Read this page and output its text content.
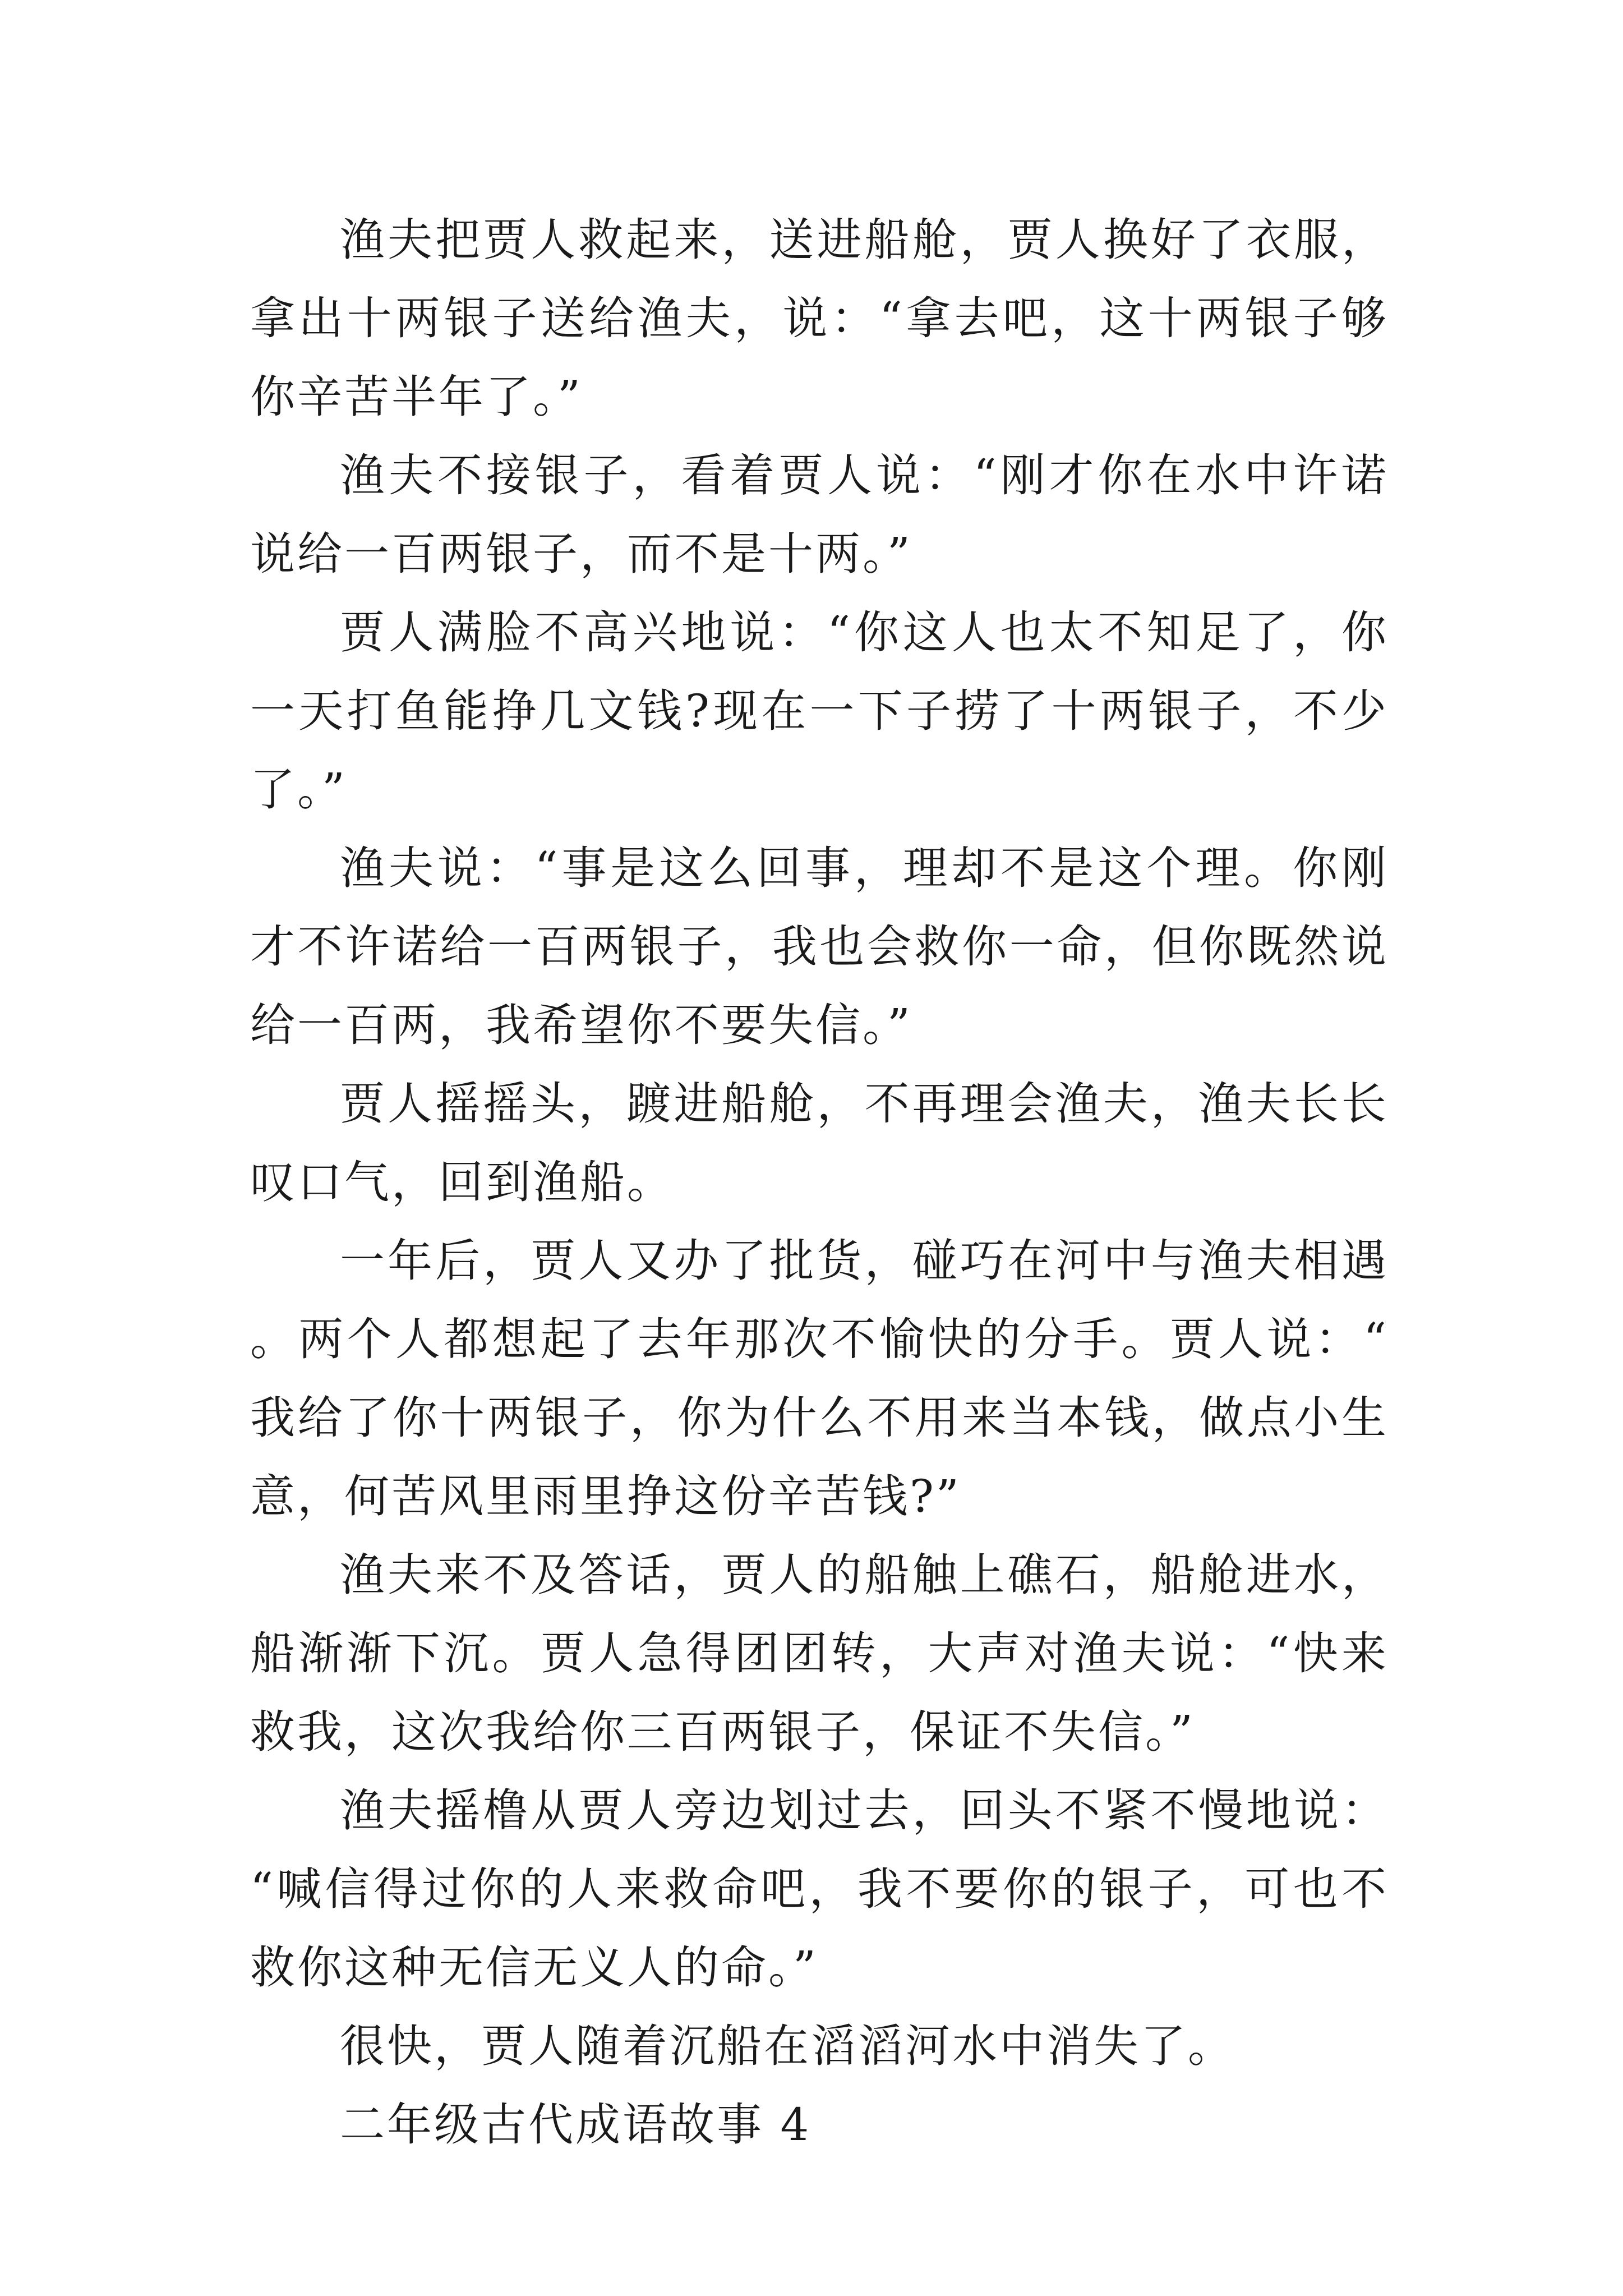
渔夫把贾人救起来，送进船舱，贾人换好了衣服，拿出十两银子送给渔夫，说：“拿去吧，这十两银子够你辛苦半年了。”

渔夫不接银子，看着贾人说：“刚才你在水中许诺说给一百两银子，而不是十两。”

贾人满脸不高兴地说：“你这人也太不知足了，你一天打鱼能挣几文钱?现在一下子捞了十两银子，不少了。”

渔夫说：“事是这么回事，理却不是这个理。你刚才不许诺给一百两银子，我也会救你一命，但你既然说给一百两，我希望你不要失信。”

贾人摇摇头，踱进船舱，不再理会渔夫，渔夫长长叹口气，回到渔船。

一年后，贾人又办了批货，碰巧在河中与渔夫相遇。两个人都想起了去年那次不愉快的分手。贾人说：“我给了你十两银子，你为什么不用来当本钱，做点小生意，何苦风里雨里挣这份辛苦钱?”

渔夫来不及答话，贾人的船触上礁石，船舱进水，船渐渐下沉。贾人急得团团转，大声对渔夫说：“快来救我，这次我给你三百两银子，保证不失信。”

渔夫摇橹从贾人旁边划过去，回头不紧不慢地说：“喊信得过你的人来救命吧，我不要你的银子，可也不救你这种无信无义人的命。”

很快，贾人随着沉船在滔滔河水中消失了。

二年级古代成语故事 4
